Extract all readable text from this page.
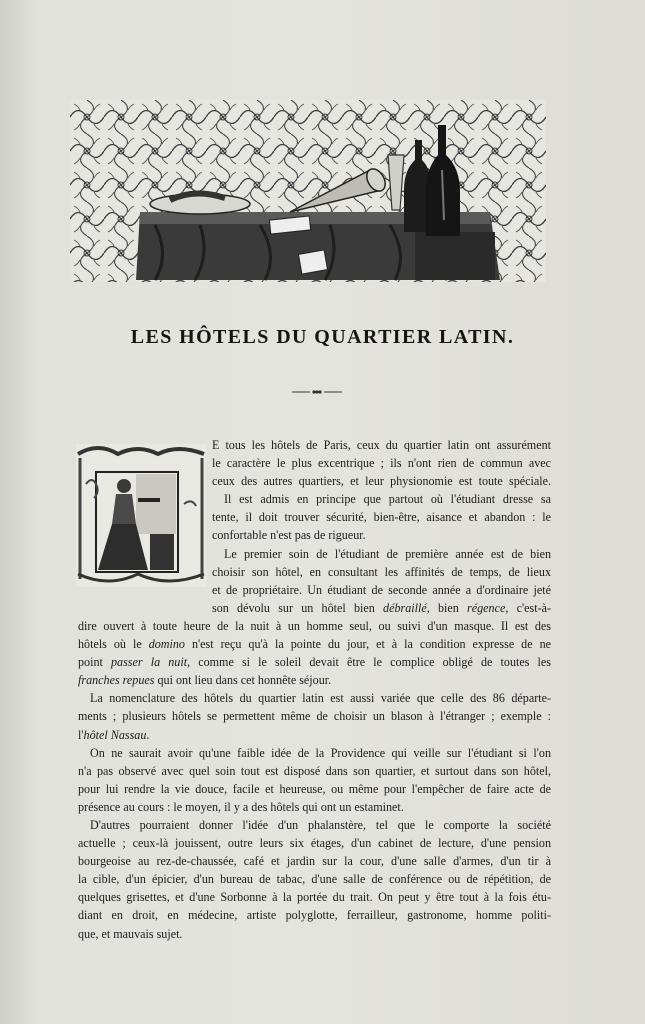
LES HÔTELS DU QUARTIER LATIN.
E tous les hôtels de Paris, ceux du quartier latin ont assurément
le caractère le plus excentrique ; ils n'ont rien de commun avec
ceux des autres quartiers, et leur physionomie est toute spéciale.
Il est admis en principe que partout où l'étudiant dresse sa
tente, il doit trouver sécurité, bien-être, aisance et abandon : le
confortable n'est pas de rigueur.
Le premier soin de l'étudiant de première année est de bien
choisir son hôtel, en consultant les affinités de temps, de lieux
et de propriétaire. Un étudiant de seconde année a d'ordinaire jeté
son dévolu sur un hôtel bien débraillé, bien régence, c'est-à-
dire ouvert à toute heure de la nuit à un homme seul, ou suivi d'un masque. Il est des
hôtels où le domino n'est reçu qu'à la pointe du jour, et à la condition expresse de ne
point passer la nuit, comme si le soleil devait être le complice obligé de toutes les
franches repues qui ont lieu dans cet honnête séjour.
La nomenclature des hôtels du quartier latin est aussi variée que celle des 86 départe-
ments ; plusieurs hôtels se permettent même de choisir un blason à l'étranger ; exemple :
l'hôtel Nassau.
On ne saurait avoir qu'une faible idée de la Providence qui veille sur l'étudiant si l'on
n'a pas observé avec quel soin tout est disposé dans son quartier, et surtout dans son hôtel,
pour lui rendre la vie douce, facile et heureuse, ou même pour l'empêcher de faire acte de
présence au cours : le moyen, il y a des hôtels qui ont un estaminet.
D'autres pourraient donner l'idée d'un phalanstère, tel que le comporte la société
actuelle ; ceux-là jouissent, outre leurs six étages, d'un cabinet de lecture, d'une pension
bourgeoise au rez-de-chaussée, café et jardin sur la cour, d'une salle d'armes, d'un tir à
la cible, d'un épicier, d'un bureau de tabac, d'une salle de conférence ou de répétition, de
quelques grisettes, et d'une Sorbonne à la portée du trait. On peut y être tout à la fois étu-
diant en droit, en médecine, artiste polyglotte, ferrailleur, gastronome, homme politi-
que, et mauvais sujet.
